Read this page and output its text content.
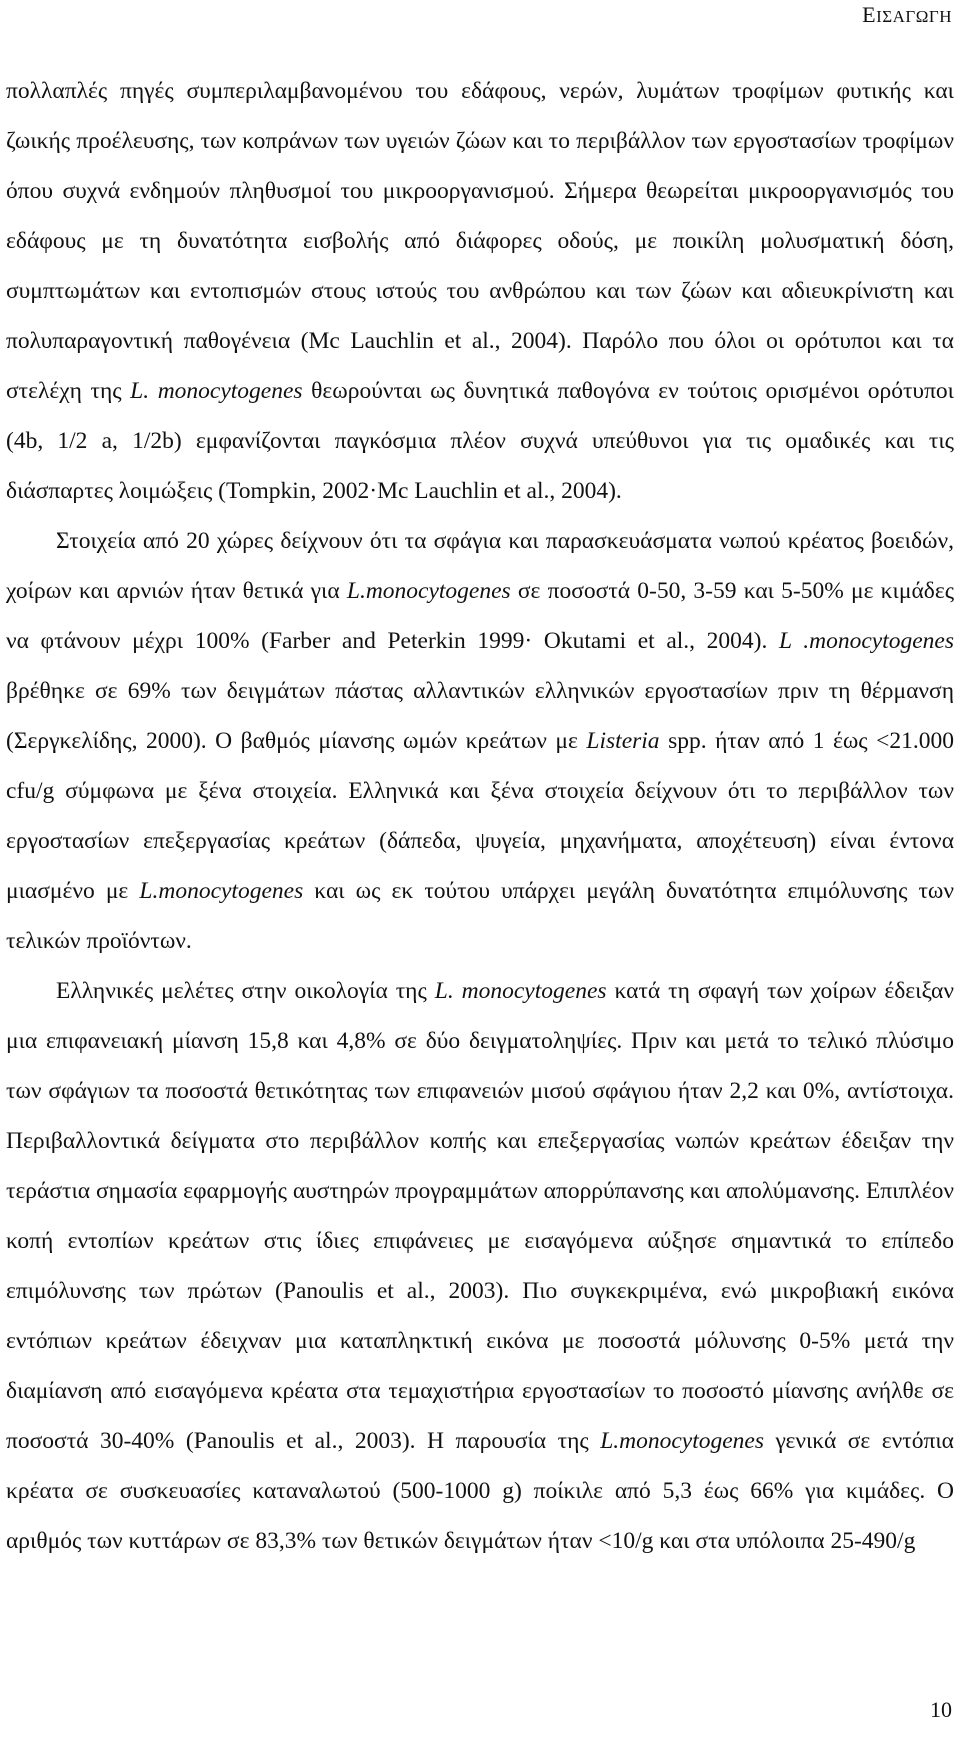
ΕΙΣΑΓΩΓΗ

πολλαπλές πηγές συμπεριλαμβανομένου του εδάφους, νερών, λυμάτων τροφίμων φυτικής και ζωικής προέλευσης, των κοπράνων των υγειών ζώων και το περιβάλλον των εργοστασίων τροφίμων όπου συχνά ενδημούν πληθυσμοί του μικροοργανισμού. Σήμερα θεωρείται μικροοργανισμός του εδάφους με τη δυνατότητα εισβολής από διάφορες οδούς, με ποικίλη μολυσματική δόση, συμπτωμάτων και εντοπισμών στους ιστούς του ανθρώπου και των ζώων και αδιευκρίνιστη και πολυπαραγοντική παθογένεια (Mc Lauchlin et al., 2004). Παρόλο που όλοι οι ορότυποι και τα στελέχη της L. monocytogenes θεωρούνται ως δυνητικά παθογόνα εν τούτοις ορισμένοι ορότυποι (4b, 1/2 a, 1/2b) εμφανίζονται παγκόσμια πλέον συχνά υπεύθυνοι για τις ομαδικές και τις διάσπαρτες λοιμώξεις (Tompkin, 2002·Mc Lauchlin et al., 2004).

Στοιχεία από 20 χώρες δείχνουν ότι τα σφάγια και παρασκευάσματα νωπού κρέατος βοειδών, χοίρων και αρνιών ήταν θετικά για L.monocytogenes σε ποσοστά 0-50, 3-59 και 5-50% με κιμάδες να φτάνουν μέχρι 100% (Farber and Peterkin 1999· Okutami et al., 2004). L .monocytogenes βρέθηκε σε 69% των δειγμάτων πάστας αλλαντικών ελληνικών εργοστασίων πριν τη θέρμανση (Σεργκελίδης, 2000). Ο βαθμός μίανσης ωμών κρεάτων με Listeria spp. ήταν από 1 έως <21.000 cfu/g σύμφωνα με ξένα στοιχεία. Ελληνικά και ξένα στοιχεία δείχνουν ότι το περιβάλλον των εργοστασίων επεξεργασίας κρεάτων (δάπεδα, ψυγεία, μηχανήματα, αποχέτευση) είναι έντονα μιασμένο με L.monocytogenes και ως εκ τούτου υπάρχει μεγάλη δυνατότητα επιμόλυνσης των τελικών προϊόντων.

Ελληνικές μελέτες στην οικολογία της L. monocytogenes κατά τη σφαγή των χοίρων έδειξαν μια επιφανειακή μίανση 15,8 και 4,8% σε δύο δειγματοληψίες. Πριν και μετά το τελικό πλύσιμο των σφάγιων τα ποσοστά θετικότητας των επιφανειών μισού σφάγιου ήταν 2,2 και 0%, αντίστοιχα. Περιβαλλοντικά δείγματα στο περιβάλλον κοπής και επεξεργασίας νωπών κρεάτων έδειξαν την τεράστια σημασία εφαρμογής αυστηρών προγραμμάτων απορρύπανσης και απολύμανσης. Επιπλέον κοπή εντοπίων κρεάτων στις ίδιες επιφάνειες με εισαγόμενα αύξησε σημαντικά το επίπεδο επιμόλυνσης των πρώτων (Panoulis et al., 2003). Πιο συγκεκριμένα, ενώ μικροβιακή εικόνα εντόπιων κρεάτων έδειχναν μια καταπληκτική εικόνα με ποσοστά μόλυνσης 0-5% μετά την διαμίανση από εισαγόμενα κρέατα στα τεμαχιστήρια εργοστασίων το ποσοστό μίανσης ανήλθε σε ποσοστά 30-40% (Panoulis et al., 2003). Η παρουσία της L.monocytogenes γενικά σε εντόπια κρέατα σε συσκευασίες καταναλωτού (500-1000 g) ποίκιλε από 5,3 έως 66% για κιμάδες. Ο αριθμός των κυττάρων σε 83,3% των θετικών δειγμάτων ήταν <10/g και στα υπόλοιπα 25-490/g

10
